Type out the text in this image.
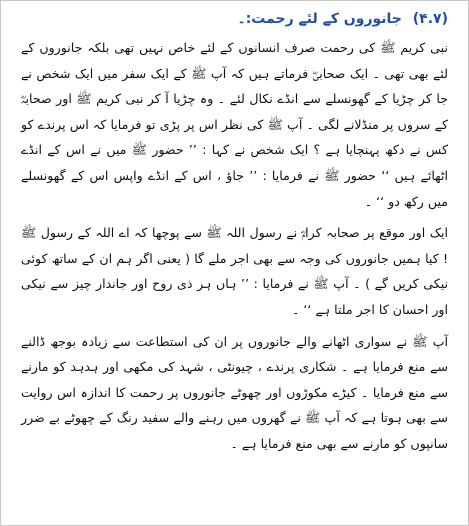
(۴.۷) جانوروں کے لئے رحمت:۔

نبی کریم ﷺ کی رحمت صرف انسانوں کے لئے خاص نہیں تھی بلکہ جانوروں کے لئے بھی تھی ۔ ایک صحابیؓ فرماتے ہیں کہ آپ ﷺ کے ایک سفر میں ایک شخص نے جا کر چڑیا کے گھونسلے سے انڈے نکال لئے ۔ وہ چڑیا آ کر نبی کریم ﷺ اور صحابہؓ کے سروں پر منڈلانے لگی ۔ آپ ﷺ کی نظر اس پر پڑی تو فرمایا کہ اس پرندے کو کس نے دکھ پہنچایا ہے ؟ ایک شخص نے کہا : ’’ حضور ﷺ میں نے اس کے انڈے اٹھائے ہیں ‘‘ حضور ﷺ نے فرمایا : ’’ جاؤ ، اس کے انڈے واپس اس کے گھونسلے میں رکھ دو ‘‘ ۔

ایک اور موقع پر صحابہ کرامؓ نے رسول اللہ ﷺ سے پوچھا کہ اے اللہ کے رسول ﷺ ! کیا ہمیں جانوروں کی وجہ سے بھی اجر ملے گا ( یعنی اگر ہم ان کے ساتھ کوئی نیکی کریں گے ) ۔ آپ ﷺ نے فرمایا : ’’ ہاں ہر ذی روح اور جاندار چیز سے نیکی اور احسان کا اجر ملتا ہے ‘‘ ۔

آپ ﷺ نے سواری اٹھانے والے جانوروں پر ان کی استطاعت سے زیادہ بوجھ ڈالنے سے منع فرمایا ہے ۔ شکاری پرندے ، چیونٹی ، شہد کی مکھی اور ہدہد کو مارنے سے منع فرمایا ۔ کیڑے مکوڑوں اور چھوٹے جانوروں پر رحمت کا اندازہ اس روایت سے بھی ہوتا ہے کہ آپ ﷺ نے گھروں میں رہنے والے سفید رنگ کے چھوٹے بے ضرر سانپوں کو مارنے سے بھی منع فرمایا ہے ۔
